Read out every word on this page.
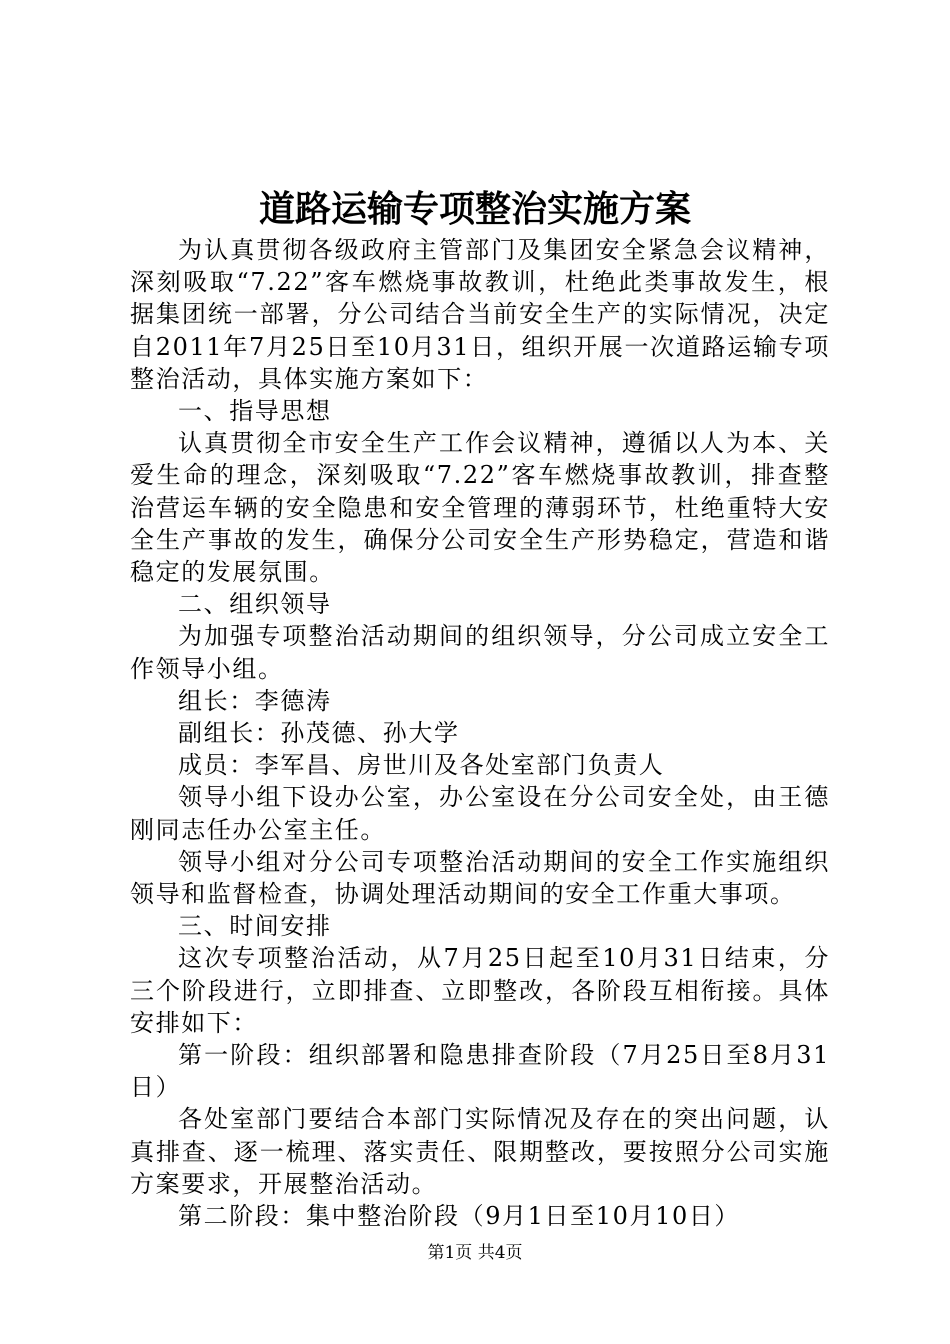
道路运输专项整治实施方案

为认真贯彻各级政府主管部门及集团安全紧急会议精神，深刻吸取“7.22”客车燃烧事故教训，杜绝此类事故发生，根据集团统一部署，分公司结合当前安全生产的实际情况，决定自2011年7月25日至10月31日，组织开展一次道路运输专项整治活动，具体实施方案如下：

一、指导思想

认真贯彻全市安全生产工作会议精神，遵循以人为本、关爱生命的理念，深刻吸取“7.22”客车燃烧事故教训，排查整治营运车辆的安全隐患和安全管理的薄弱环节，杜绝重特大安全生产事故的发生，确保分公司安全生产形势稳定，营造和谐稳定的发展氛围。

二、组织领导

为加强专项整治活动期间的组织领导，分公司成立安全工作领导小组。

组长：李德涛

副组长：孙茂德、孙大学

成员：李军昌、房世川及各处室部门负责人

领导小组下设办公室，办公室设在分公司安全处，由王德刚同志任办公室主任。

领导小组对分公司专项整治活动期间的安全工作实施组织领导和监督检查，协调处理活动期间的安全工作重大事项。

三、时间安排

这次专项整治活动，从7月25日起至10月31日结束，分三个阶段进行，立即排查、立即整改，各阶段互相衔接。具体安排如下：

第一阶段：组织部署和隐患排查阶段（7月25日至8月31日）

各处室部门要结合本部门实际情况及存在的突出问题，认真排查、逐一梳理、落实责任、限期整改，要按照分公司实施方案要求，开展整治活动。

第二阶段：集中整治阶段（9月1日至10月10日）

第1页 共4页
